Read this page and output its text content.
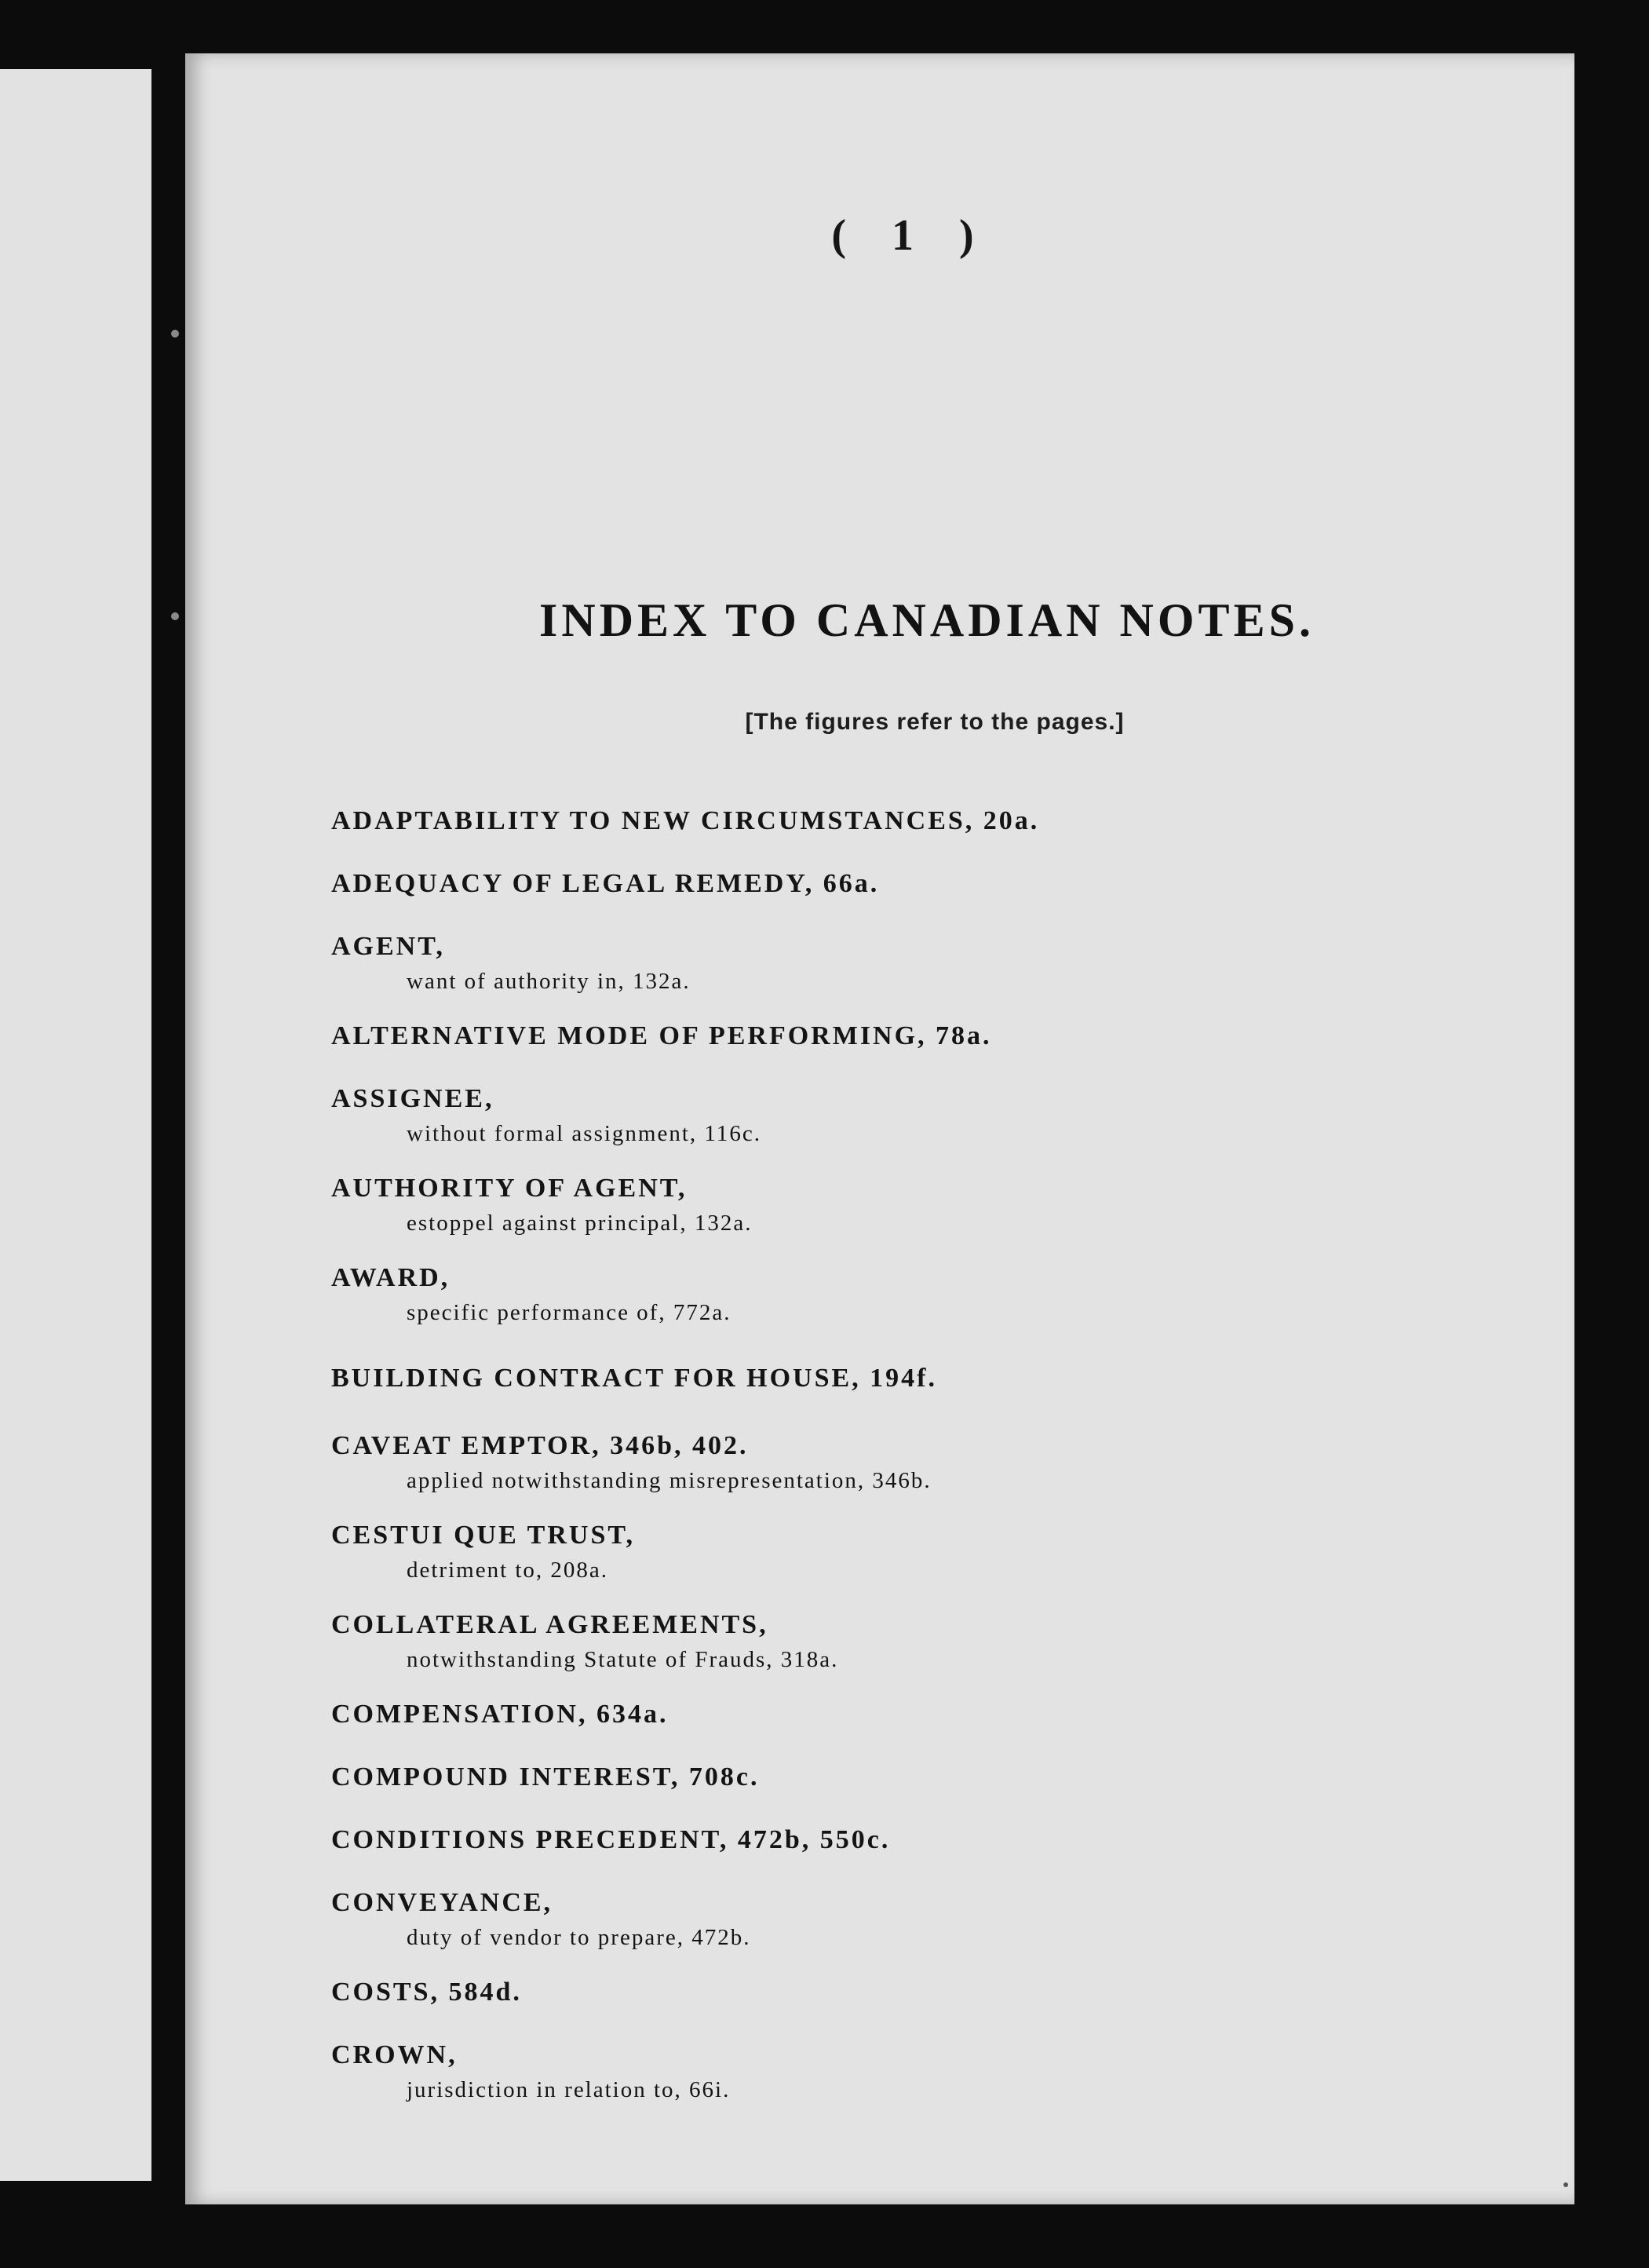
( 1 )
INDEX TO CANADIAN NOTES.
[The figures refer to the pages.]
ADAPTABILITY TO NEW CIRCUMSTANCES, 20a.
ADEQUACY OF LEGAL REMEDY, 66a.
AGENT,
want of authority in, 132a.
ALTERNATIVE MODE OF PERFORMING, 78a.
ASSIGNEE,
without formal assignment, 116c.
AUTHORITY OF AGENT,
estoppel against principal, 132a.
AWARD,
specific performance of, 772a.
BUILDING CONTRACT FOR HOUSE, 194f.
CAVEAT EMPTOR, 346b, 402.
applied notwithstanding misrepresentation, 346b.
CESTUI QUE TRUST,
detriment to, 208a.
COLLATERAL AGREEMENTS,
notwithstanding Statute of Frauds, 318a.
COMPENSATION, 634a.
COMPOUND INTEREST, 708c.
CONDITIONS PRECEDENT, 472b, 550c.
CONVEYANCE,
duty of vendor to prepare, 472b.
COSTS, 584d.
CROWN,
jurisdiction in relation to, 66i.
